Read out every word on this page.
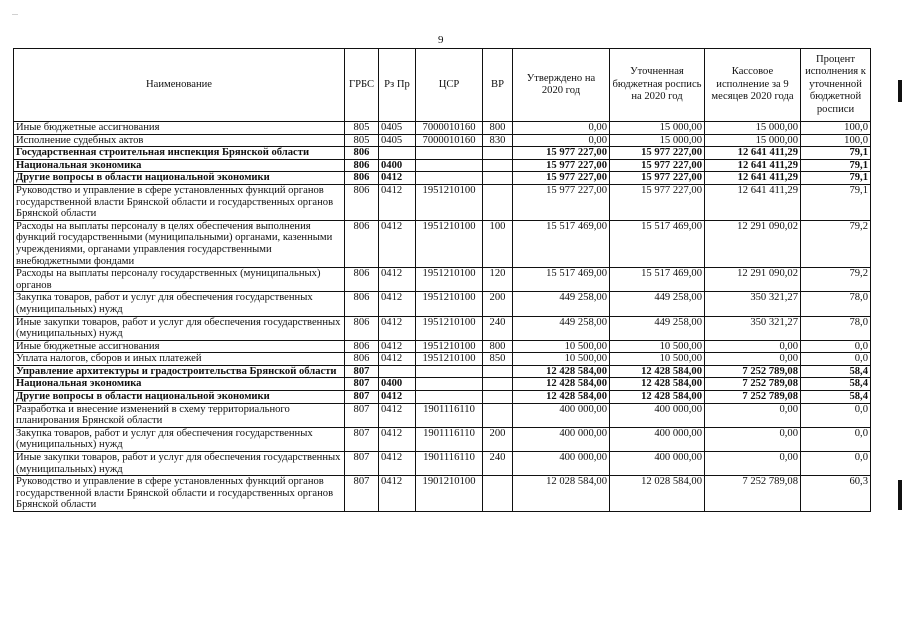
...
9
Наименование	ГРБС	Рз Пр	ЦСР	ВР	Утверждено на 2020 год	Уточненная бюджетная роспись на 2020 год	Кассовое исполнение за 9 месяцев 2020 года	Процент исполнения к уточненной бюджетной росписи
Иные бюджетные ассигнования	805	0405	7000010160	800	0,00	15 000,00	15 000,00	100,0
Исполнение судебных актов	805	0405	7000010160	830	0,00	15 000,00	15 000,00	100,0
Государственная строительная инспекция Брянской области	806				15 977 227,00	15 977 227,00	12 641 411,29	79,1
Национальная экономика	806	0400			15 977 227,00	15 977 227,00	12 641 411,29	79,1
Другие вопросы в области национальной экономики	806	0412			15 977 227,00	15 977 227,00	12 641 411,29	79,1
Руководство и управление в сфере установленных функций органов государственной власти Брянской области и государственных органов Брянской области	806	0412	1951210100		15 977 227,00	15 977 227,00	12 641 411,29	79,1
Расходы на выплаты персоналу в целях обеспечения выполнения функций государственными (муниципальными) органами, казенными учреждениями, органами управления государственными внебюджетными фондами	806	0412	1951210100	100	15 517 469,00	15 517 469,00	12 291 090,02	79,2
Расходы на выплаты персоналу государственных (муниципальных) органов	806	0412	1951210100	120	15 517 469,00	15 517 469,00	12 291 090,02	79,2
Закупка товаров, работ и услуг для обеспечения государственных (муниципальных) нужд	806	0412	1951210100	200	449 258,00	449 258,00	350 321,27	78,0
Иные закупки товаров, работ и услуг для обеспечения государственных (муниципальных) нужд	806	0412	1951210100	240	449 258,00	449 258,00	350 321,27	78,0
Иные бюджетные ассигнования	806	0412	1951210100	800	10 500,00	10 500,00	0,00	0,0
Уплата налогов, сборов и иных платежей	806	0412	1951210100	850	10 500,00	10 500,00	0,00	0,0
Управление архитектуры и градостроительства Брянской области	807				12 428 584,00	12 428 584,00	7 252 789,08	58,4
Национальная экономика	807	0400			12 428 584,00	12 428 584,00	7 252 789,08	58,4
Другие вопросы в области национальной экономики	807	0412			12 428 584,00	12 428 584,00	7 252 789,08	58,4
Разработка и внесение изменений в схему территориального планирования Брянской области	807	0412	1901116110		400 000,00	400 000,00	0,00	0,0
Закупка товаров, работ и услуг для обеспечения государственных (муниципальных) нужд	807	0412	1901116110	200	400 000,00	400 000,00	0,00	0,0
Иные закупки товаров, работ и услуг для обеспечения государственных (муниципальных) нужд	807	0412	1901116110	240	400 000,00	400 000,00	0,00	0,0
Руководство и управление в сфере установленных функций органов государственной власти Брянской области и государственных органов Брянской области	807	0412	1901210100		12 028 584,00	12 028 584,00	7 252 789,08	60,3
